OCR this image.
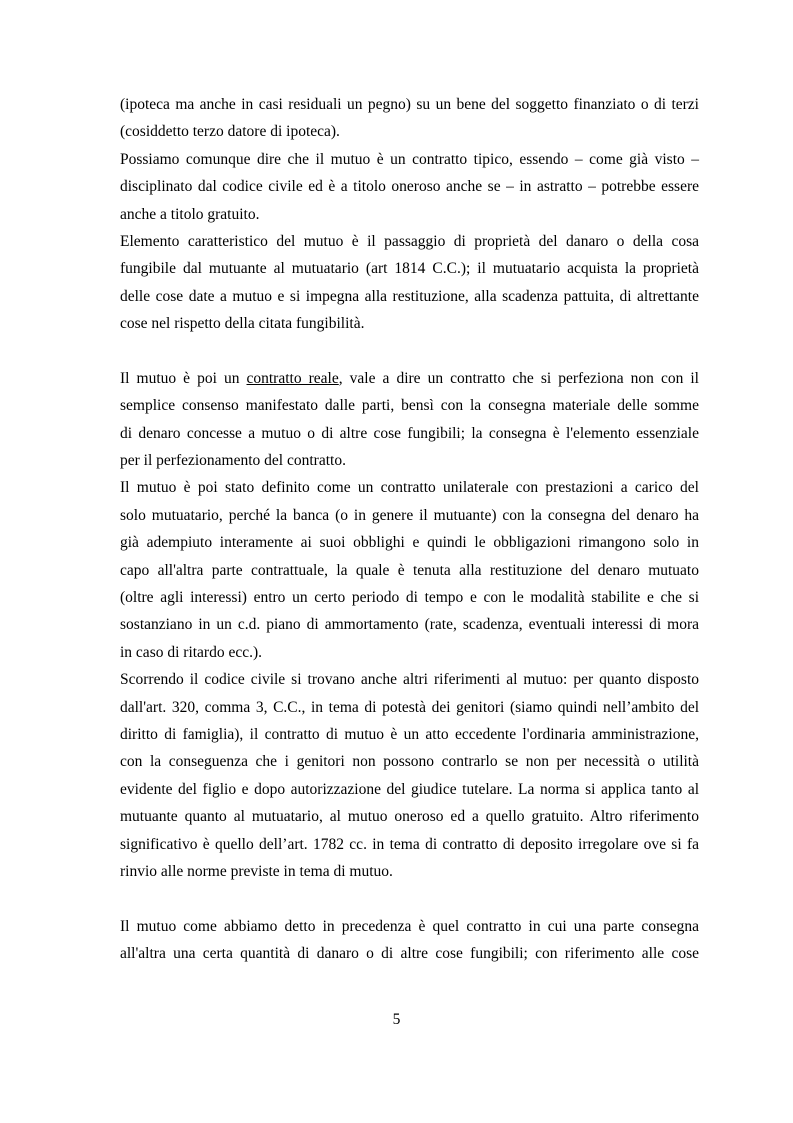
(ipoteca ma anche in casi residuali un pegno) su un bene del soggetto finanziato o di terzi
(cosiddetto terzo datore di ipoteca).
Possiamo comunque dire che il mutuo è un contratto tipico, essendo – come già visto –
disciplinato dal codice civile ed è a titolo oneroso anche se – in astratto – potrebbe essere
anche a titolo gratuito.
Elemento caratteristico del mutuo è il passaggio di proprietà del danaro o della cosa
fungibile dal mutuante al mutuatario (art 1814 C.C.); il mutuatario acquista la proprietà
delle cose date a mutuo e si impegna alla restituzione, alla scadenza pattuita, di altrettante
cose nel rispetto della citata fungibilità.
Il mutuo è poi un contratto reale, vale a dire un contratto che si perfeziona non con il
semplice consenso manifestato dalle parti, bensì con la consegna materiale delle somme
di denaro concesse a mutuo o di altre cose fungibili; la consegna è l'elemento essenziale
per il perfezionamento del contratto.
Il mutuo è poi stato definito come un contratto unilaterale con prestazioni a carico del
solo mutuatario, perché la banca (o in genere il mutuante) con la consegna del denaro ha
già adempiuto interamente ai suoi obblighi e quindi le obbligazioni rimangono solo in
capo all'altra parte contrattuale, la quale è tenuta alla restituzione del denaro mutuato
(oltre agli interessi) entro un certo periodo di tempo e con le modalità stabilite e che si
sostanziano in un c.d. piano di ammortamento (rate, scadenza, eventuali interessi di mora
in caso di ritardo ecc.).
Scorrendo il codice civile si trovano anche altri riferimenti al mutuo: per quanto disposto
dall'art. 320, comma 3, C.C., in tema di potestà dei genitori (siamo quindi nell’ambito del
diritto di famiglia), il contratto di mutuo è un atto eccedente l'ordinaria amministrazione,
con la conseguenza che i genitori non possono contrarlo se non per necessità o utilità
evidente del figlio e dopo autorizzazione del giudice tutelare. La norma si applica tanto al
mutuante quanto al mutuatario, al mutuo oneroso ed a quello gratuito. Altro riferimento
significativo è quello dell’art. 1782 cc. in tema di contratto di deposito irregolare ove si fa
rinvio alle norme previste in tema di mutuo.
Il mutuo come abbiamo detto in precedenza è quel contratto in cui una parte consegna
all'altra una certa quantità di danaro o di altre cose fungibili; con riferimento alle cose
5
